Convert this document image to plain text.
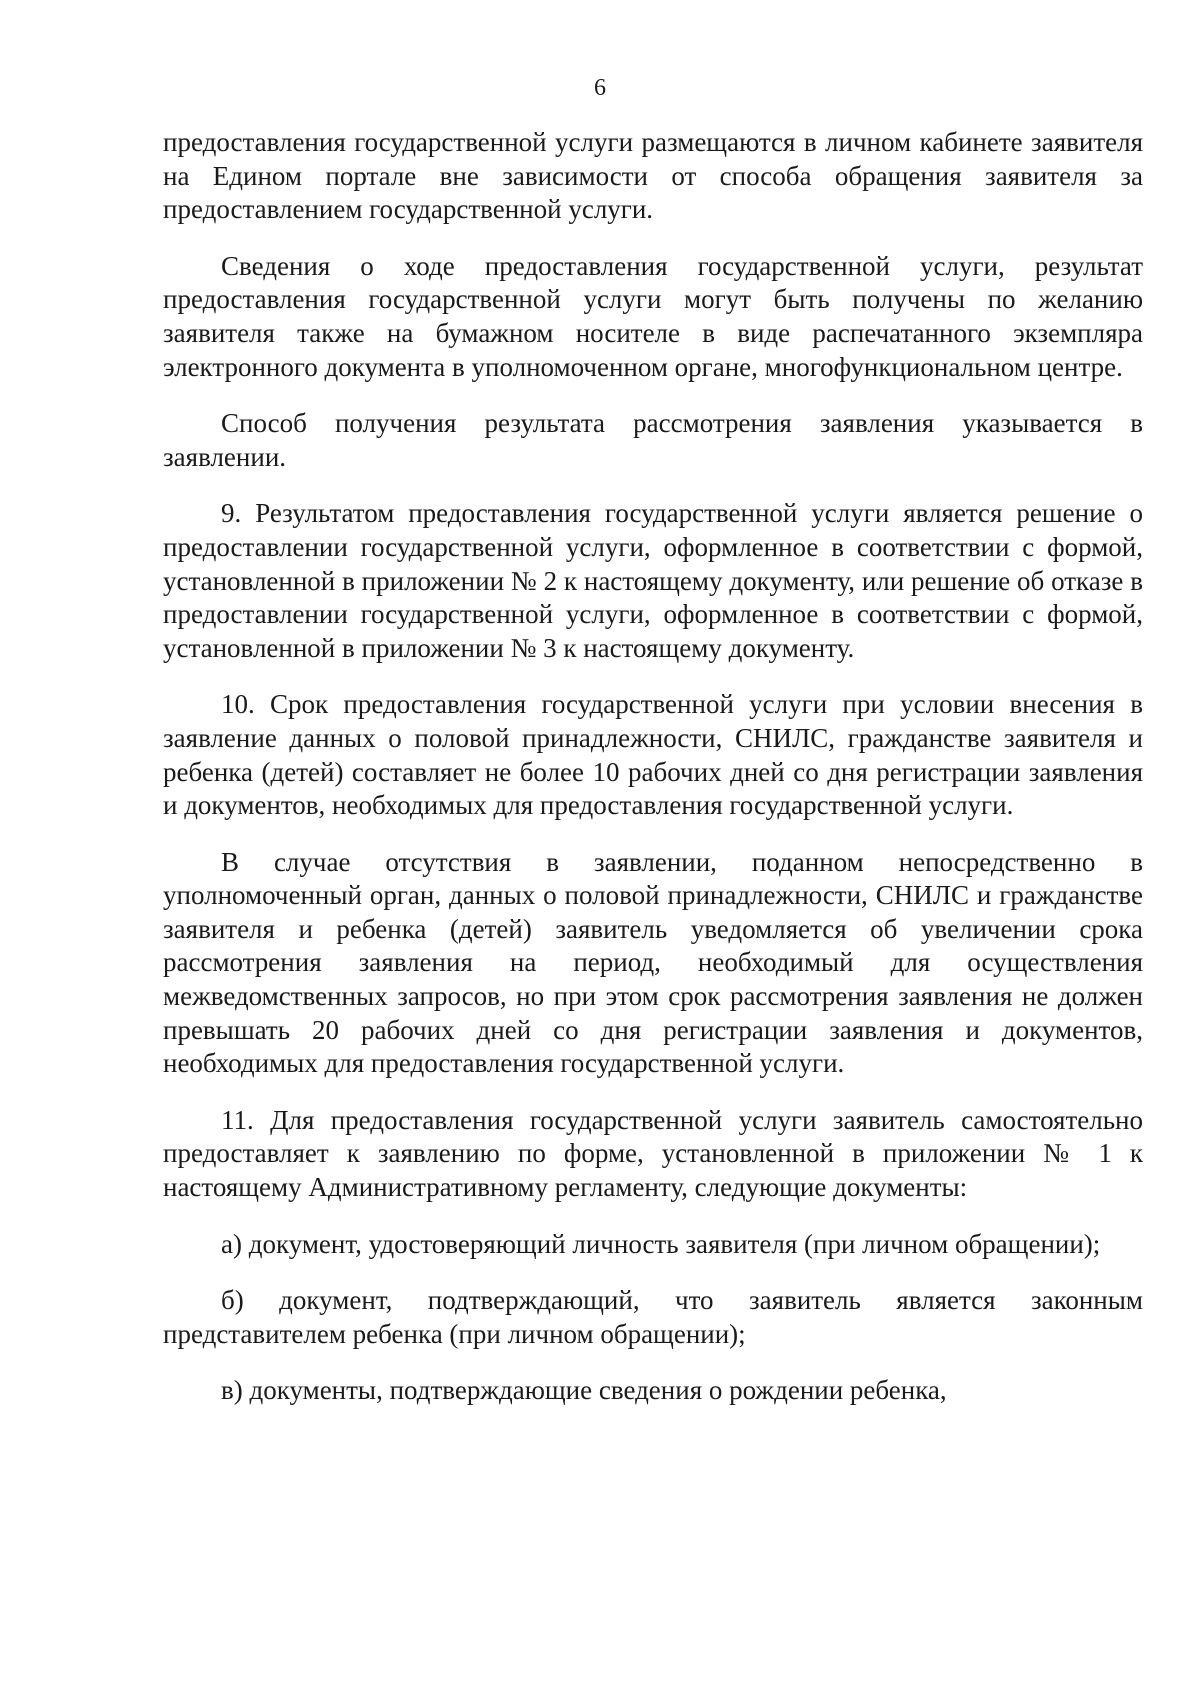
6

предоставления государственной услуги размещаются в личном кабинете заявителя на Едином портале вне зависимости от способа обращения заявителя за предоставлением государственной услуги.

Сведения о ходе предоставления государственной услуги, результат предоставления государственной услуги могут быть получены по желанию заявителя также на бумажном носителе в виде распечатанного экземпляра электронного документа в уполномоченном органе, многофункциональном центре.

Способ получения результата рассмотрения заявления указывается в заявлении.

9. Результатом предоставления государственной услуги является решение о предоставлении государственной услуги, оформленное в соответствии с формой, установленной в приложении № 2 к настоящему документу, или решение об отказе в предоставлении государственной услуги, оформленное в соответствии с формой, установленной в приложении № 3 к настоящему документу.

10. Срок предоставления государственной услуги при условии внесения в заявление данных о половой принадлежности, СНИЛС, гражданстве заявителя и ребенка (детей) составляет не более 10 рабочих дней со дня регистрации заявления и документов, необходимых для предоставления государственной услуги.

В случае отсутствия в заявлении, поданном непосредственно в уполномоченный орган, данных о половой принадлежности, СНИЛС и гражданстве заявителя и ребенка (детей) заявитель уведомляется об увеличении срока рассмотрения заявления на период, необходимый для осуществления межведомственных запросов, но при этом срок рассмотрения заявления не должен превышать 20 рабочих дней со дня регистрации заявления и документов, необходимых для предоставления государственной услуги.

11. Для предоставления государственной услуги заявитель самостоятельно предоставляет к заявлению по форме, установленной в приложении № 1 к настоящему Административному регламенту, следующие документы:

а) документ, удостоверяющий личность заявителя (при личном обращении);

б) документ, подтверждающий, что заявитель является законным представителем ребенка (при личном обращении);

в) документы, подтверждающие сведения о рождении ребенка,
